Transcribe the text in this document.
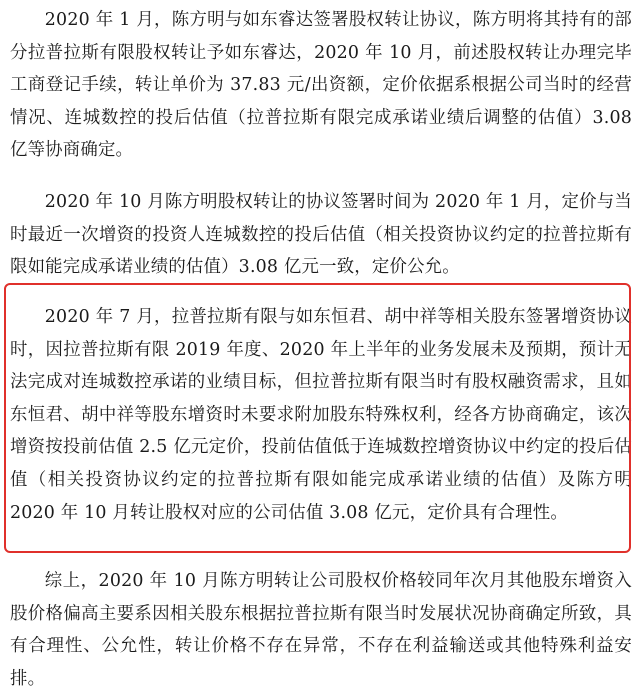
2020 年 1 月，陈方明与如东睿达签署股权转让协议，陈方明将其持有的部分拉普拉斯有限股权转让予如东睿达，2020 年 10 月，前述股权转让办理完毕工商登记手续，转让单价为 37.83 元/出资额，定价依据系根据公司当时的经营情况、连城数控的投后估值（拉普拉斯有限完成承诺业绩后调整的估值）3.08 亿等协商确定。

2020 年 10 月陈方明股权转让的协议签署时间为 2020 年 1 月，定价与当时最近一次增资的投资人连城数控的投后估值（相关投资协议约定的拉普拉斯有限如能完成承诺业绩的估值）3.08 亿元一致，定价公允。

2020 年 7 月，拉普拉斯有限与如东恒君、胡中祥等相关股东签署增资协议时，因拉普拉斯有限 2019 年度、2020 年上半年的业务发展未及预期，预计无法完成对连城数控承诺的业绩目标，但拉普拉斯有限当时有股权融资需求，且如东恒君、胡中祥等股东增资时未要求附加股东特殊权利，经各方协商确定，该次增资按投前估值 2.5 亿元定价，投前估值低于连城数控增资协议中约定的投后估值（相关投资协议约定的拉普拉斯有限如能完成承诺业绩的估值）及陈方明 2020 年 10 月转让股权对应的公司估值 3.08 亿元，定价具有合理性。

综上，2020 年 10 月陈方明转让公司股权价格较同年次月其他股东增资入股价格偏高主要系因相关股东根据拉普拉斯有限当时发展状况协商确定所致，具有合理性、公允性，转让价格不存在异常，不存在利益输送或其他特殊利益安排。
